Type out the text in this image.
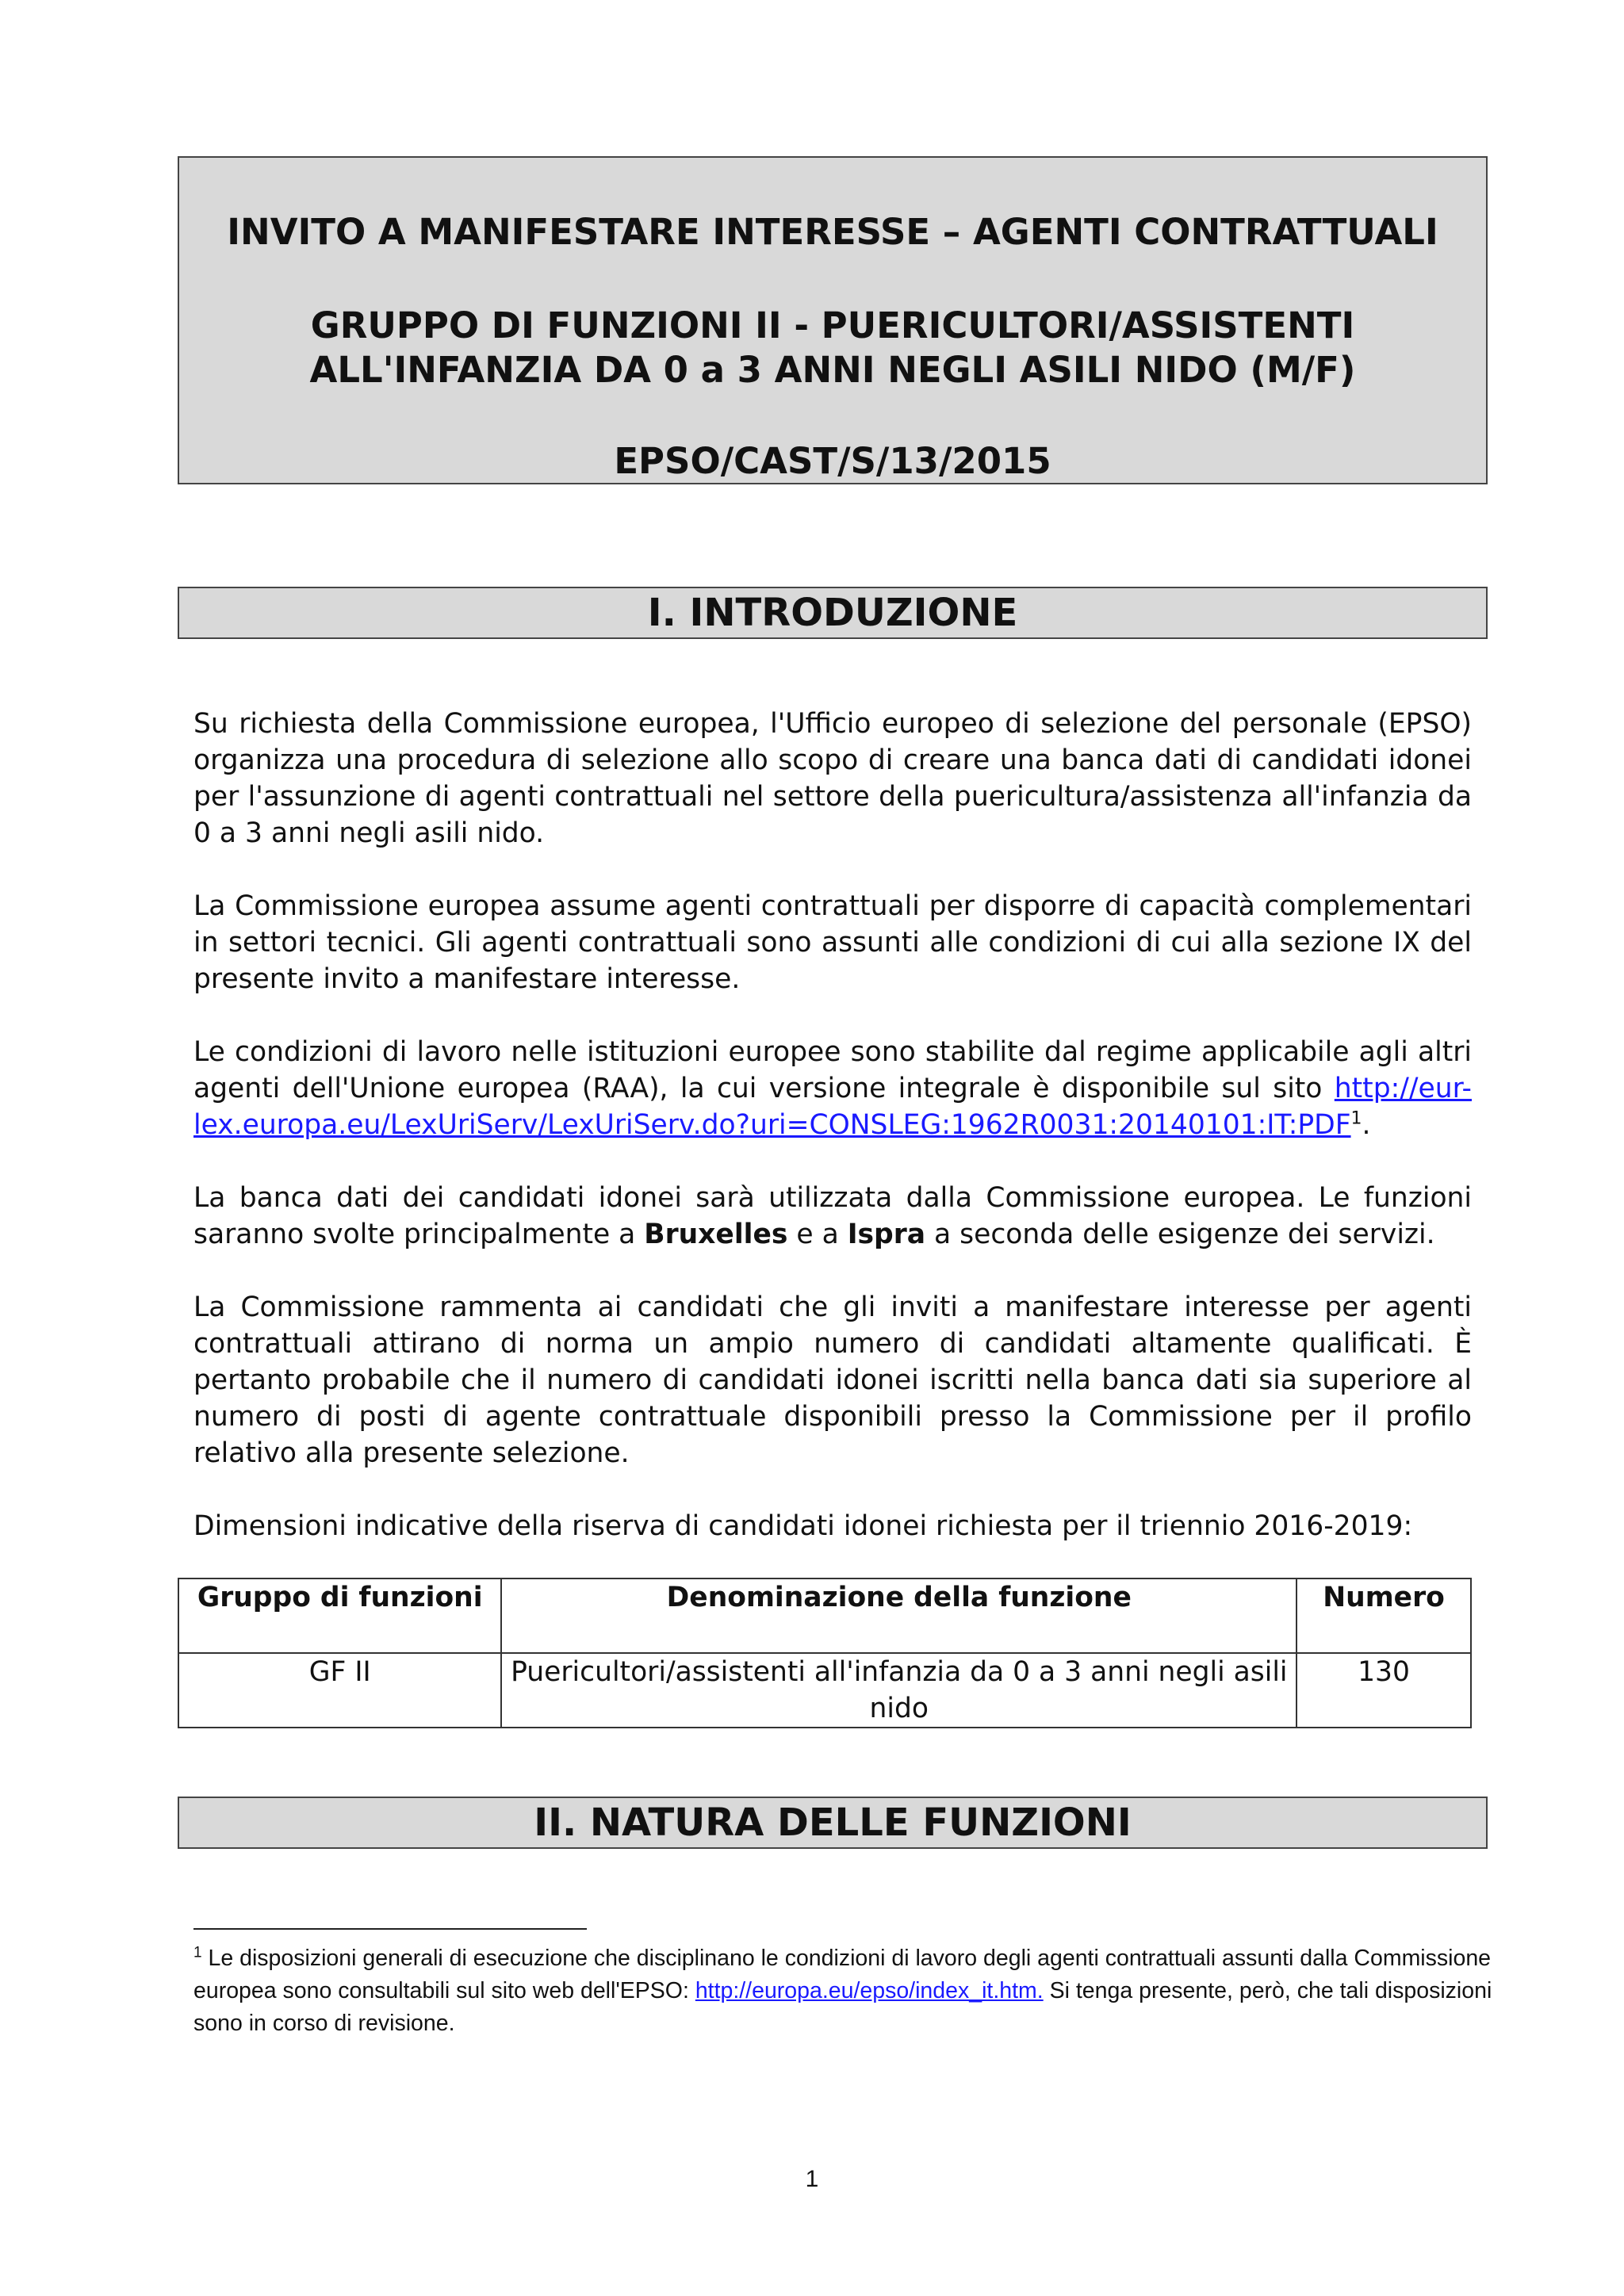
INVITO A MANIFESTARE INTERESSE – AGENTI CONTRATTUALI
GRUPPO DI FUNZIONI II - PUERICULTORI/ASSISTENTI
ALL'INFANZIA DA 0 a 3 ANNI NEGLI ASILI NIDO (M/F)
EPSO/CAST/S/13/2015
I. INTRODUZIONE
Su richiesta della Commissione europea, l'Ufficio europeo di selezione del personale (EPSO) organizza una procedura di selezione allo scopo di creare una banca dati di candidati idonei per l'assunzione di agenti contrattuali nel settore della puericultura/assistenza all'infanzia da 0 a 3 anni negli asili nido.
La Commissione europea assume agenti contrattuali per disporre di capacità complementari in settori tecnici. Gli agenti contrattuali sono assunti alle condizioni di cui alla sezione IX del presente invito a manifestare interesse.
Le condizioni di lavoro nelle istituzioni europee sono stabilite dal regime applicabile agli altri agenti dell'Unione europea (RAA), la cui versione integrale è disponibile sul sito $http://eur-lex.europa.eu/LexUriServ/LexUriServ.do?uri=CONSLEG:1962R0031:20140101:IT:PDF^1$.
La banca dati dei candidati idonei sarà utilizzata dalla Commissione europea. Le funzioni saranno svolte principalmente a Bruxelles e a Ispra a seconda delle esigenze dei servizi.
La Commissione rammenta ai candidati che gli inviti a manifestare interesse per agenti contrattuali attirano di norma un ampio numero di candidati altamente qualificati. È pertanto probabile che il numero di candidati idonei iscritti nella banca dati sia superiore al numero di posti di agente contrattuale disponibili presso la Commissione per il profilo relativo alla presente selezione.
Dimensioni indicative della riserva di candidati idonei richiesta per il triennio 2016-2019:
Gruppo di funzioni	Denominazione della funzione	Numero
GF II	Puericultori/assistenti all'infanzia da 0 a 3 anni negli asili nido	130
II. NATURA DELLE FUNZIONI
$^1$ Le disposizioni generali di esecuzione che disciplinano le condizioni di lavoro degli agenti contrattuali assunti dalla Commissione europea sono consultabili sul sito web dell'EPSO: http://europa.eu/epso/index_it.htm. Si tenga presente, però, che tali disposizioni sono in corso di revisione.
1
